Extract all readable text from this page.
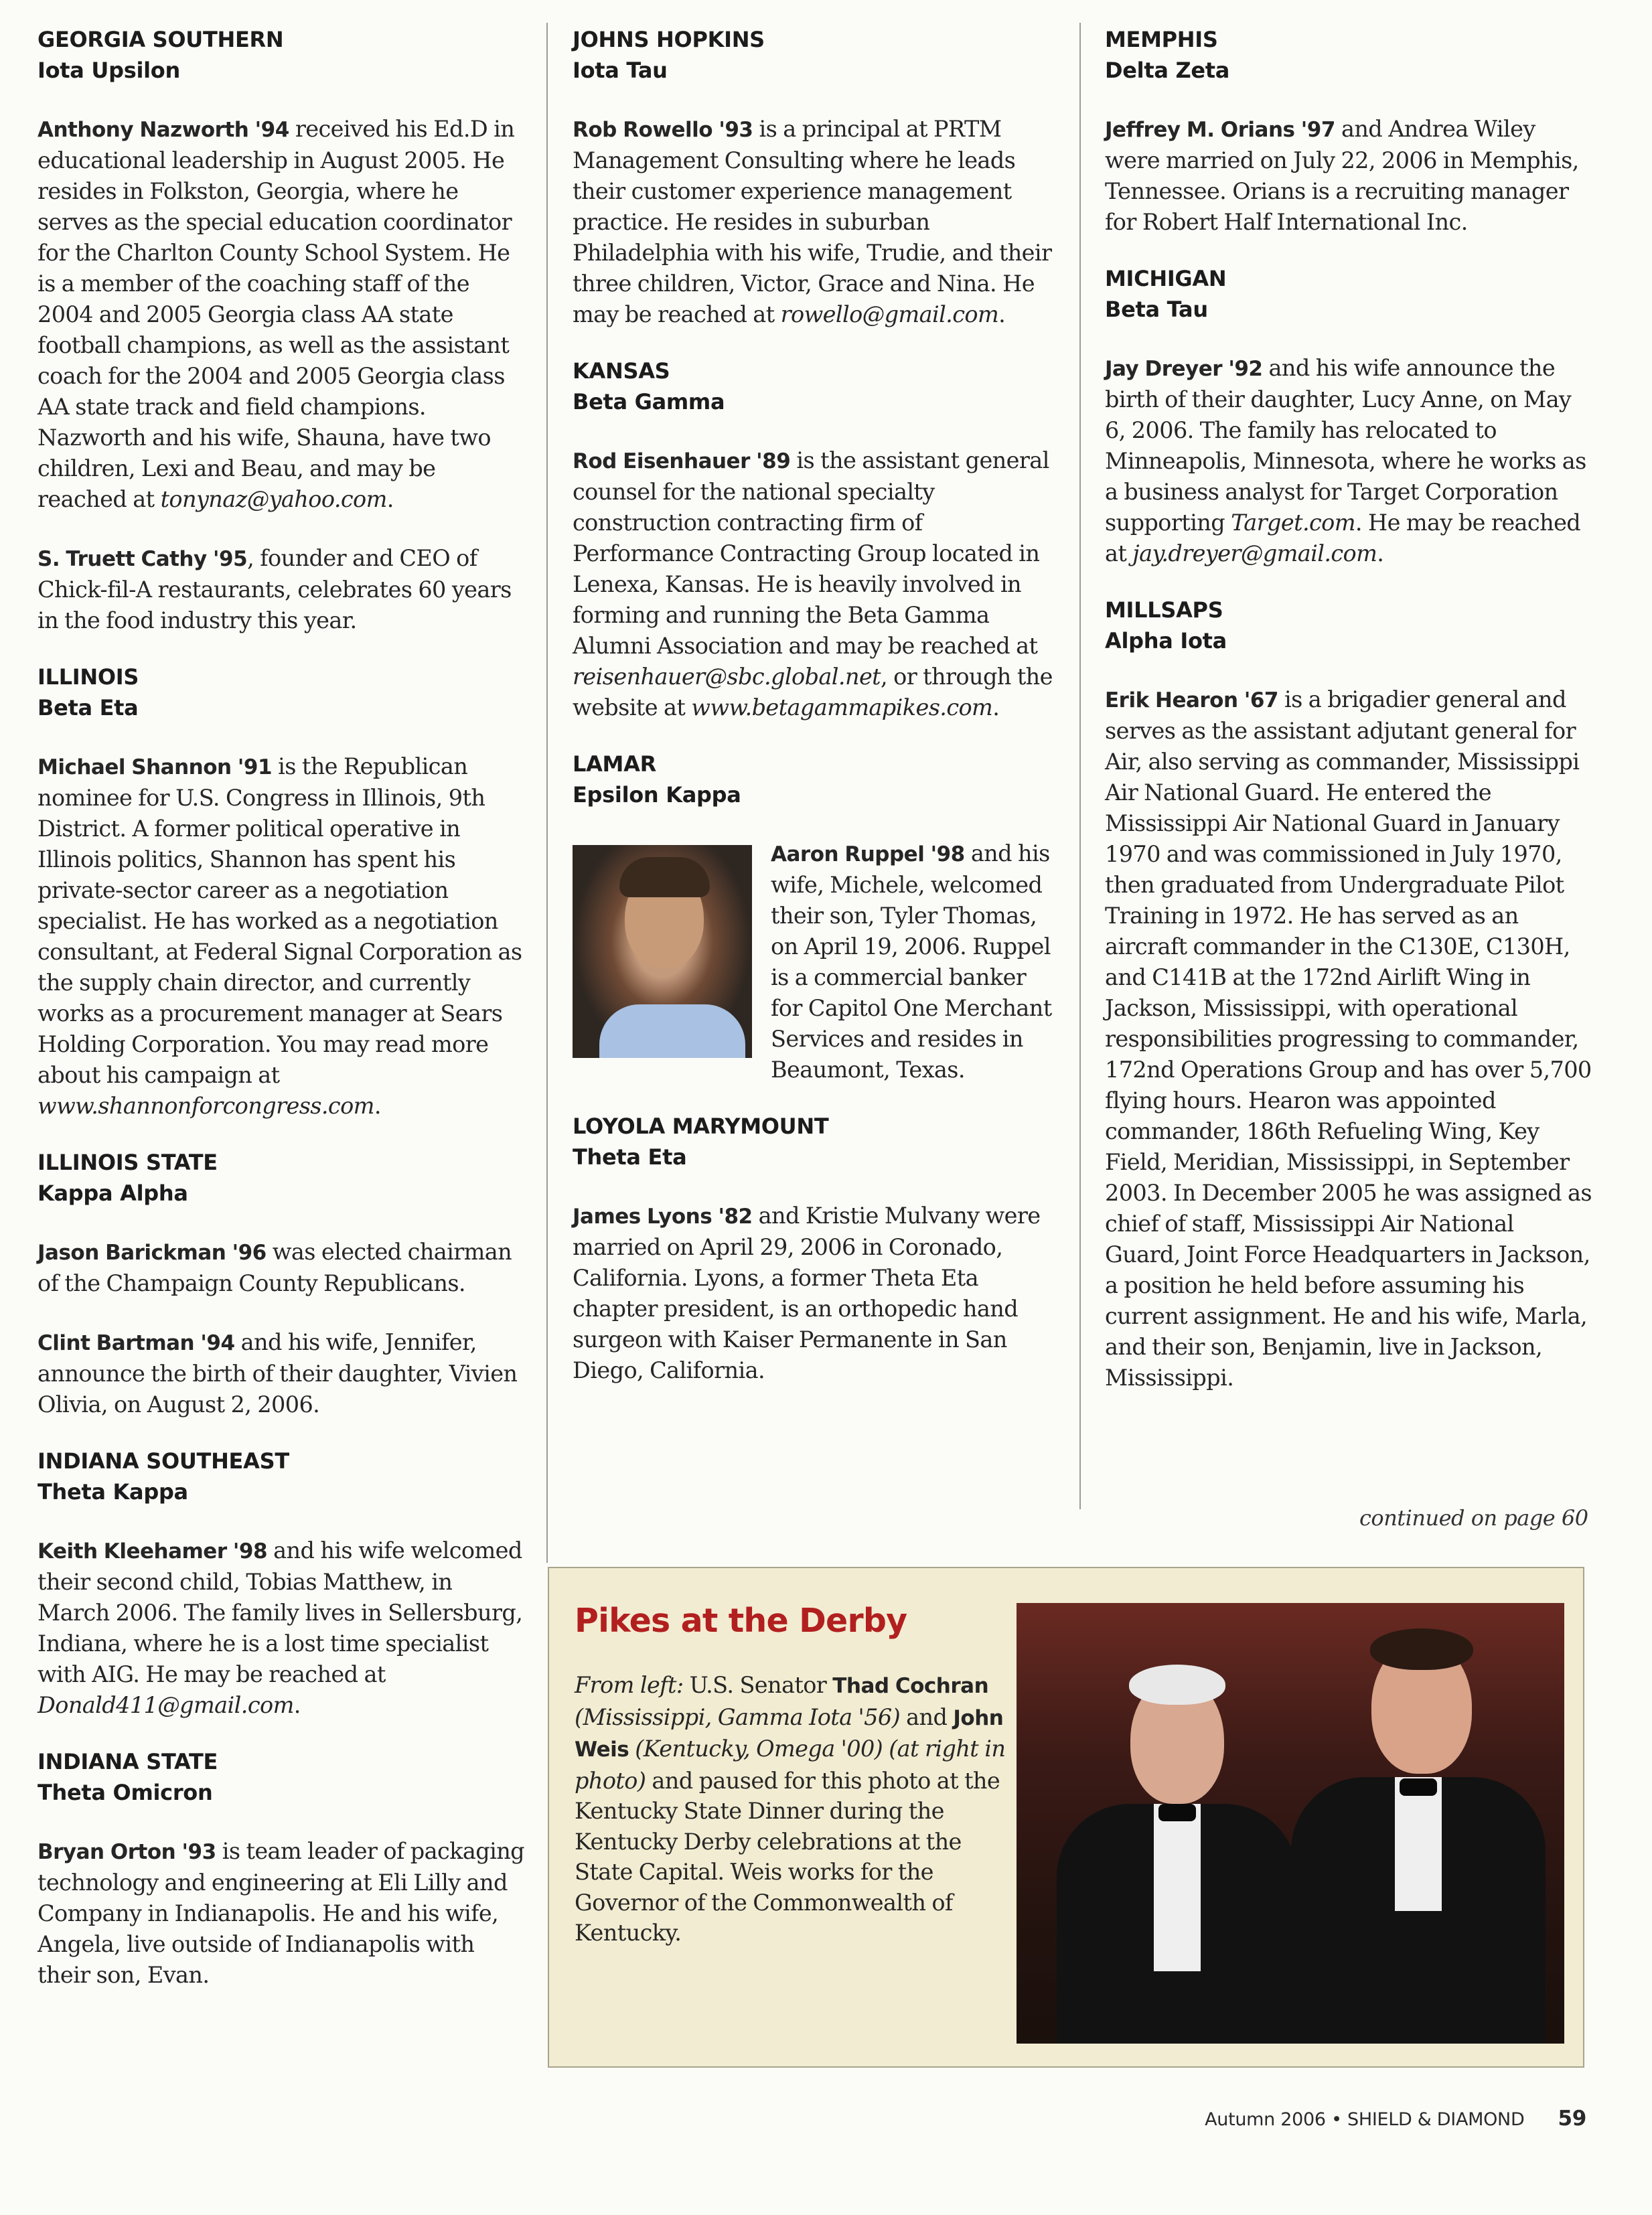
GEORGIA SOUTHERN
Iota Upsilon

Anthony Nazworth '94 received his Ed.D in educational leadership in August 2005. He resides in Folkston, Georgia, where he serves as the special education coordinator for the Charlton County School System. He is a member of the coaching staff of the 2004 and 2005 Georgia class AA state football champions, as well as the assistant coach for the 2004 and 2005 Georgia class AA state track and field champions. Nazworth and his wife, Shauna, have two children, Lexi and Beau, and may be reached at tonynaz@yahoo.com.

S. Truett Cathy '95, founder and CEO of Chick-fil-A restaurants, celebrates 60 years in the food industry this year.

ILLINOIS
Beta Eta

Michael Shannon '91 is the Republican nominee for U.S. Congress in Illinois, 9th District. A former political operative in Illinois politics, Shannon has spent his private-sector career as a negotiation specialist. He has worked as a negotiation consultant, at Federal Signal Corporation as the supply chain director, and currently works as a procurement manager at Sears Holding Corporation. You may read more about his campaign at www.shannonforcongress.com.

ILLINOIS STATE
Kappa Alpha

Jason Barickman '96 was elected chairman of the Champaign County Republicans.

Clint Bartman '94 and his wife, Jennifer, announce the birth of their daughter, Vivien Olivia, on August 2, 2006.

INDIANA SOUTHEAST
Theta Kappa

Keith Kleehamer '98 and his wife welcomed their second child, Tobias Matthew, in March 2006. The family lives in Sellersburg, Indiana, where he is a lost time specialist with AIG. He may be reached at Donald411@gmail.com.

INDIANA STATE
Theta Omicron

Bryan Orton '93 is team leader of packaging technology and engineering at Eli Lilly and Company in Indianapolis. He and his wife, Angela, live outside of Indianapolis with their son, Evan.

JOHNS HOPKINS
Iota Tau

Rob Rowello '93 is a principal at PRTM Management Consulting where he leads their customer experience management practice. He resides in suburban Philadelphia with his wife, Trudie, and their three children, Victor, Grace and Nina. He may be reached at rowello@gmail.com.

KANSAS
Beta Gamma

Rod Eisenhauer '89 is the assistant general counsel for the national specialty construction contracting firm of Performance Contracting Group located in Lenexa, Kansas. He is heavily involved in forming and running the Beta Gamma Alumni Association and may be reached at reisenhauer@sbc.global.net, or through the website at www.betagammapikes.com.

LAMAR
Epsilon Kappa

Aaron Ruppel '98 and his wife, Michele, welcomed their son, Tyler Thomas, on April 19, 2006. Ruppel is a commercial banker for Capitol One Merchant Services and resides in Beaumont, Texas.

LOYOLA MARYMOUNT
Theta Eta

James Lyons '82 and Kristie Mulvany were married on April 29, 2006 in Coronado, California. Lyons, a former Theta Eta chapter president, is an orthopedic hand surgeon with Kaiser Permanente in San Diego, California.

MEMPHIS
Delta Zeta

Jeffrey M. Orians '97 and Andrea Wiley were married on July 22, 2006 in Memphis, Tennessee. Orians is a recruiting manager for Robert Half International Inc.

MICHIGAN
Beta Tau

Jay Dreyer '92 and his wife announce the birth of their daughter, Lucy Anne, on May 6, 2006. The family has relocated to Minneapolis, Minnesota, where he works as a business analyst for Target Corporation supporting Target.com. He may be reached at jay.dreyer@gmail.com.

MILLSAPS
Alpha Iota

Erik Hearon '67 is a brigadier general and serves as the assistant adjutant general for Air, also serving as commander, Mississippi Air National Guard. He entered the Mississippi Air National Guard in January 1970 and was commissioned in July 1970, then graduated from Undergraduate Pilot Training in 1972. He has served as an aircraft commander in the C130E, C130H, and C141B at the 172nd Airlift Wing in Jackson, Mississippi, with operational responsibilities progressing to commander, 172nd Operations Group and has over 5,700 flying hours. Hearon was appointed commander, 186th Refueling Wing, Key Field, Meridian, Mississippi, in September 2003. In December 2005 he was assigned as chief of staff, Mississippi Air National Guard, Joint Force Headquarters in Jackson, a position he held before assuming his current assignment. He and his wife, Marla, and their son, Benjamin, live in Jackson, Mississippi.

continued on page 60
Pikes at the Derby
From left: U.S. Senator Thad Cochran (Mississippi, Gamma Iota '56) and John Weis (Kentucky, Omega '00) (at right in photo) and paused for this photo at the Kentucky State Dinner during the Kentucky Derby celebrations at the State Capital. Weis works for the Governor of the Commonwealth of Kentucky.
Autumn 2006 • SHIELD & DIAMOND 59
